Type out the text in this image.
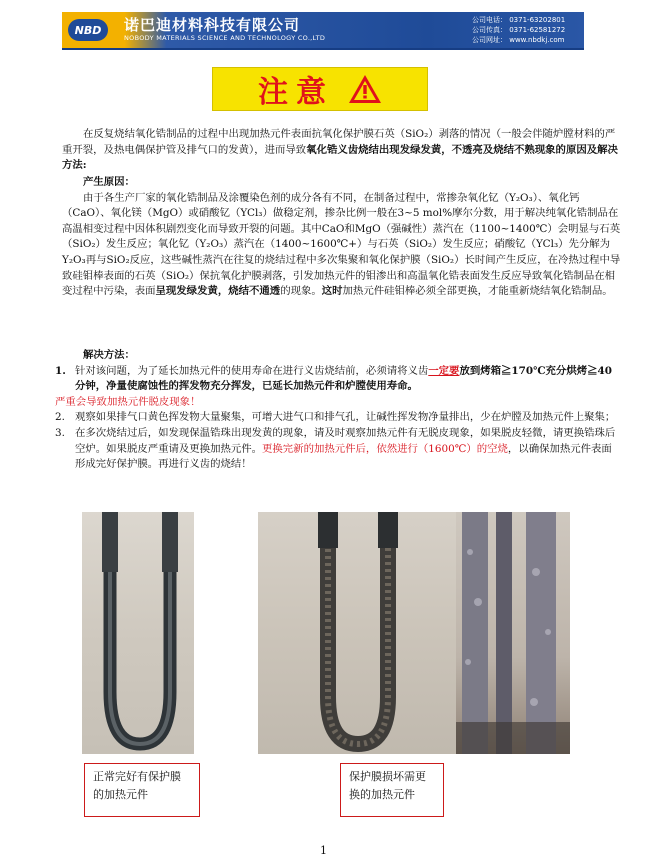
NBD	诺巴迪材料科技有限公司
NOBODY MATERIALS SCIENCE AND TECHNOLOGY CO.,LTD
公司电话： 0371-63202801
公司传真： 0371-62581272
公司网址： www.nbdkj.com
注意

在反复烧结氧化锆制品的过程中出现加热元件表面抗氧化保护膜石英（SiO₂）剥落的情况（一般会伴随炉膛材料的严重开裂，及热电偶保护管及排气口的发黄），进而导致氧化锆义齿烧结出现发绿发黄，不透亮及烧结不熟现象的原因及解决方法:

产生原因：

由于各生产厂家的氧化锆制品及涂覆染色剂的成分各有不同，在制备过程中，常掺杂氧化钇（Y₂O₃）、氧化钙（CaO）、氧化镁（MgO）或硝酸钇（YCl₃）做稳定剂，掺杂比例一般在3~5 mol%摩尔分数，用于解决纯氧化锆制品在高温相变过程中因体积剧烈变化而导致开裂的问题。其中CaO和MgO（强碱性）蒸汽在（1100~1400℃）会明显与石英（SiO₂）发生反应；氧化钇（Y₂O₃）蒸汽在（1400~1600℃+）与石英（SiO₂）发生反应；硝酸钇（YCl₃）先分解为Y₂O₃再与SiO₂反应，这些碱性蒸汽在往复的烧结过程中多次集聚和氧化保护膜（SiO₂）长时间产生反应，在冷热过程中导致硅钼棒表面的石英（SiO₂）保抗氧化护膜剥落，引发加热元件的钼渗出和高温氧化锆表面发生反应导致氧化锆制品在相变过程中污染，表面呈现发绿发黄，烧结不通透的现象。这时加热元件硅钼棒必须全部更换，才能重新烧结氧化锆制品。

解决方法：

1. 针对该问题，为了延长加热元件的使用寿命在进行义齿烧结前，必须请将义齿一定要放到烤箱≧170℃充分烘烤≧40分钟，净量使腐蚀性的挥发物充分挥发，已延长加热元件和炉膛使用寿命。
严重会导致加热元件脱皮现象！
2. 观察如果排气口黄色挥发物大量聚集，可增大进气口和排气孔，让碱性挥发物净量排出，少在炉膛及加热元件上聚集；
3. 在多次烧结过后，如发现保温锆珠出现发黄的现象，请及时观察加热元件有无脱皮现象，如果脱皮轻微，请更换锆珠后空炉。如果脱皮严重请及更换加热元件。更换完新的加热元件后，依然进行（1600℃）的空烧，以确保加热元件表面形成完好保护膜。再进行义齿的烧结！
正常完好有保护膜的加热元件
保护膜损坏需更换的加热元件
1
